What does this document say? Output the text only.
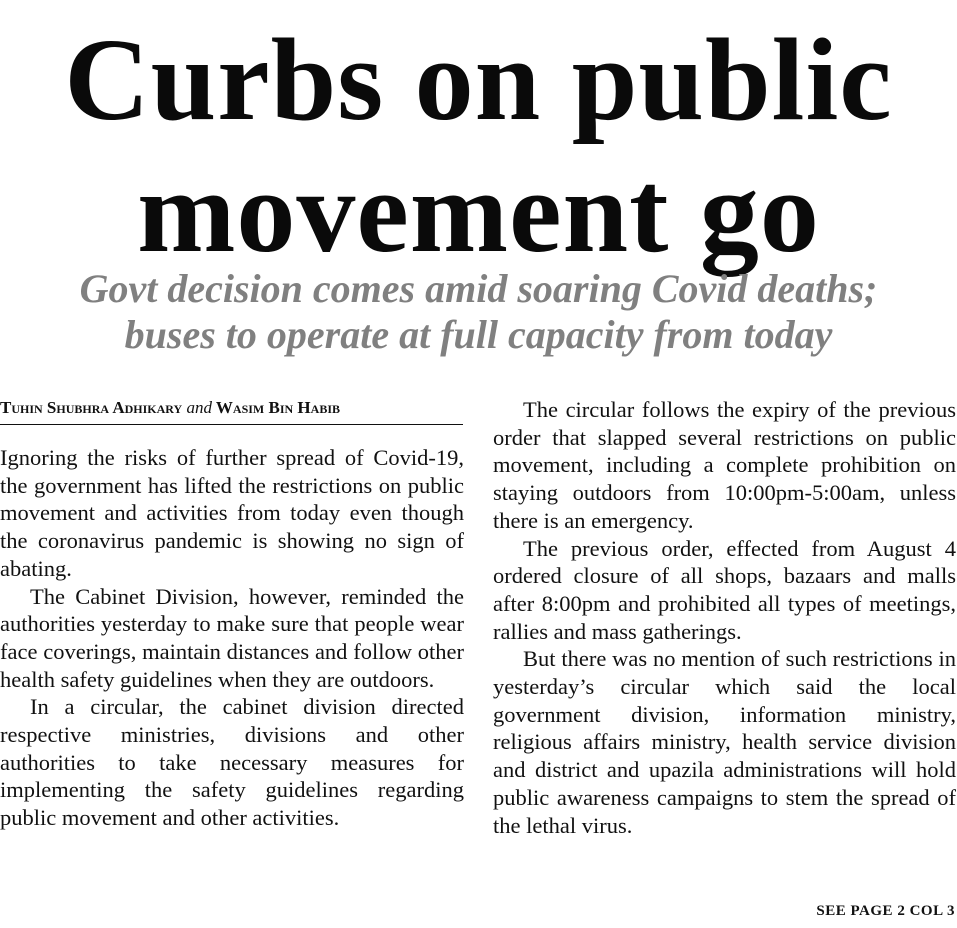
Curbs on public
movement go
Govt decision comes amid soaring Covid deaths;
buses to operate at full capacity from today
Tuhin Shubhra Adhikary and Wasim Bin Habib

Ignoring the risks of further spread of Covid-19, the government has lifted the restrictions on public movement and activities from today even though the coronavirus pandemic is showing no sign of abating.

The Cabinet Division, however, reminded the authorities yesterday to make sure that people wear face coverings, maintain distances and follow other health safety guidelines when they are outdoors.

In a circular, the cabinet division directed respective ministries, divisions and other authorities to take necessary measures for implementing the safety guidelines regarding public movement and other activities.

The circular follows the expiry of the previous order that slapped several restrictions on public movement, including a complete prohibition on staying outdoors from 10:00pm-5:00am, unless there is an emergency.

The previous order, effected from August 4 ordered closure of all shops, bazaars and malls after 8:00pm and prohibited all types of meetings, rallies and mass gatherings.

But there was no mention of such restrictions in yesterday’s circular which said the local government division, information ministry, religious affairs ministry, health service division and district and upazila administrations will hold public awareness campaigns to stem the spread of the lethal virus.

SEE PAGE 2 COL 3
